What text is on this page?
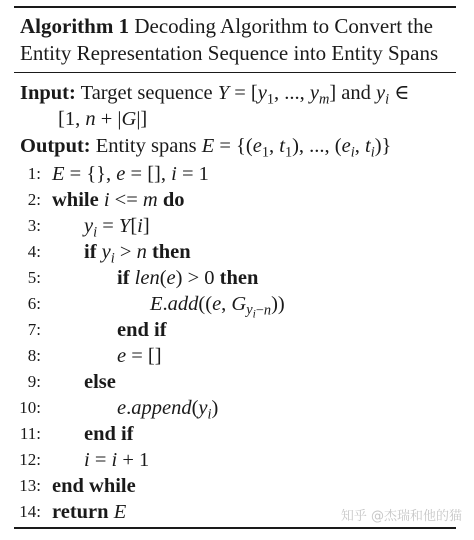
Algorithm 1 Decoding Algorithm to Convert the Entity Representation Sequence into Entity Spans
Input: Target sequence $Y = [y_1$, ..., $y_m$] and $y_i$ ∈
[1, n + |G|]
Output: Entity spans $E = \{(e_1$, $t_1$), ..., ($e_i$, $t_i$)}
1: E = {}, e = [], i = 1
2: while i <= m do
3: $y_i = Y[i]$
4: if $y_i > n$ then
5:	if len(e) > 0 then
6:	E.add((e, $G_{y_i-n}$))
7:	end if
8:	e = []
9: else
10:	$e.append(y_i)$
11: end if
12: i = i + 1
13: end while
14: return E	知乎 @杰瑞和他的猫
